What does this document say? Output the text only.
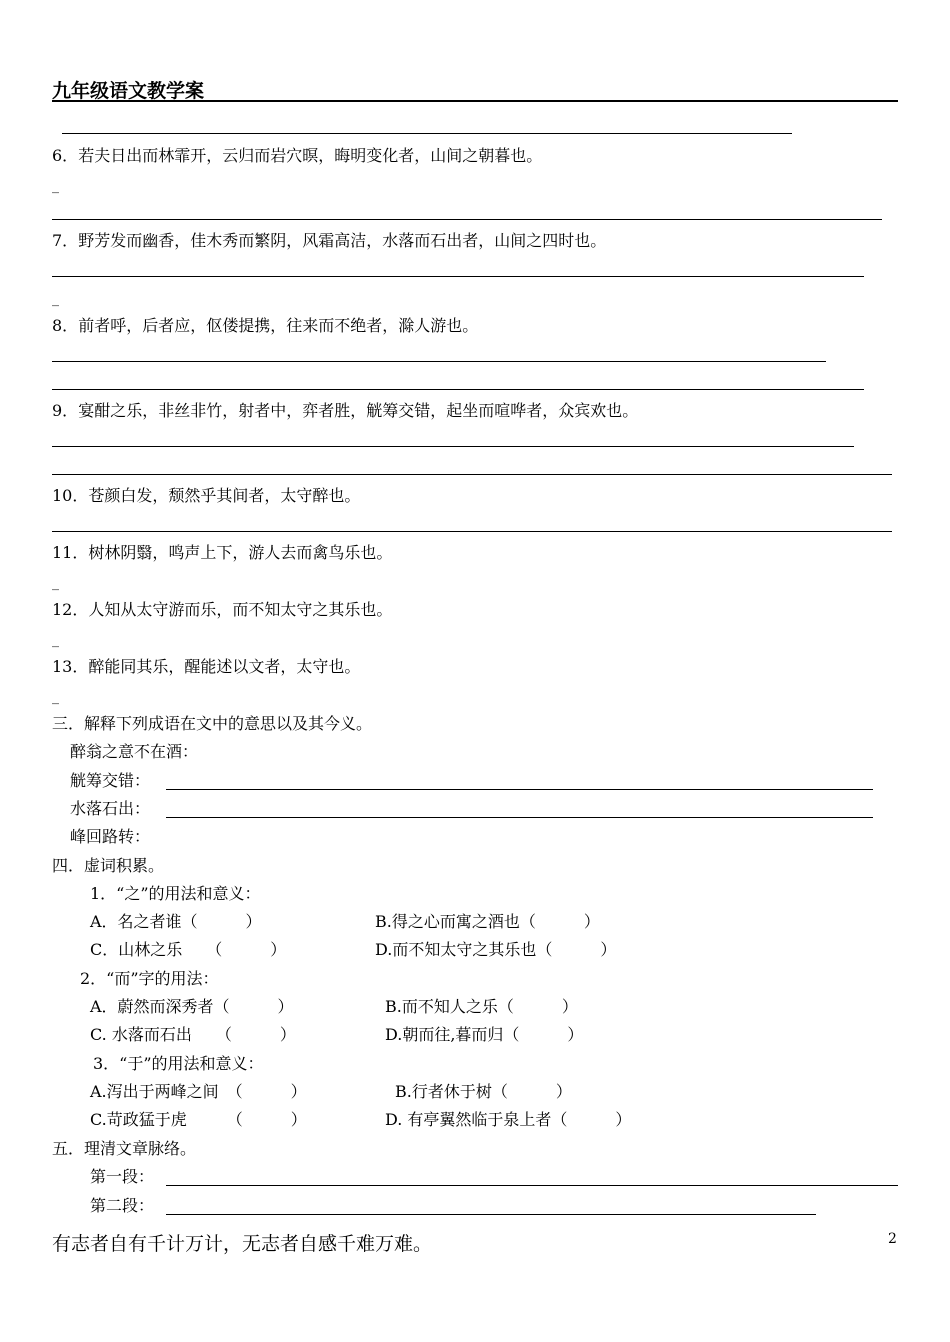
九年级语文教学案
6．若夫日出而林霏开，云归而岩穴暝，晦明变化者，山间之朝暮也。
_
7．野芳发而幽香，佳木秀而繁阴，风霜高洁，水落而石出者，山间之四时也。
_
8．前者呼，后者应，伛偻提携，往来而不绝者，滁人游也。
9．宴酣之乐，非丝非竹，射者中，弈者胜，觥筹交错，起坐而喧哗者，众宾欢也。
10．苍颜白发，颓然乎其间者，太守醉也。
11．树林阴翳，鸣声上下，游人去而禽鸟乐也。
_
12．人知从太守游而乐，而不知太守之其乐也。
_
13．醉能同其乐，醒能述以文者，太守也。
_
三．解释下列成语在文中的意思以及其今义。
醉翁之意不在酒：
觥筹交错：
水落石出：
峰回路转：
四．虚词积累。
1．“之”的用法和意义：
A．名之者谁（　　　）	B.得之心而寓之酒也（　　　）
C．山林之乐　　（　　　）	D.而不知太守之其乐也（　　　）
2．“而”字的用法：
A．蔚然而深秀者（　　　）	B.而不知人之乐（　　　）
C. 水落而石出　　（　　　）	D.朝而往,暮而归（　　　）
3．“于”的用法和意义：
A.泻出于两峰之间　（　　　）	B.行者休于树（　　　）
C.苛政猛于虎　　　（　　　）	D. 有亭翼然临于泉上者（　　　）
五．理清文章脉络。
第一段：
第二段：
有志者自有千计万计，无志者自感千难万难。	2
